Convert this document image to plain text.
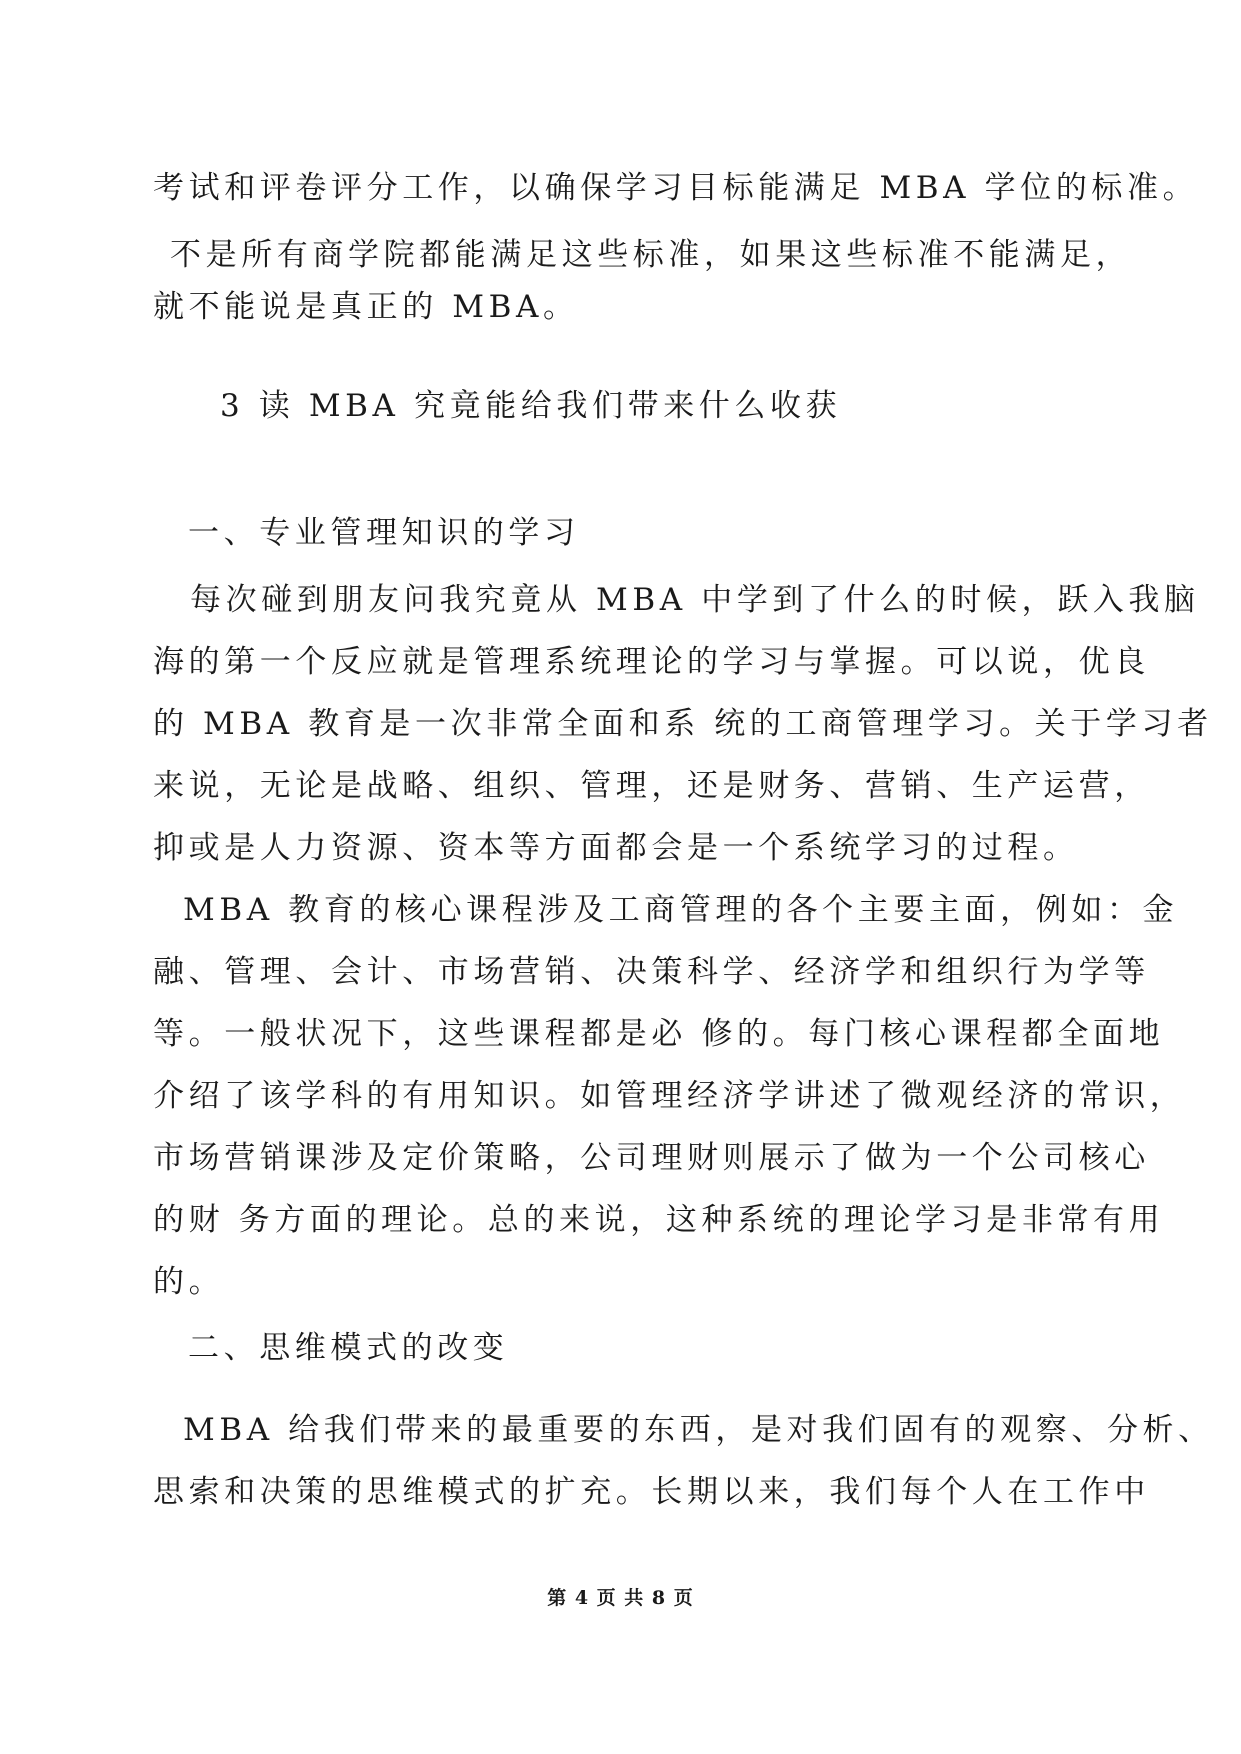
考试和评卷评分工作，以确保学习目标能满足 MBA 学位的标准。
不是所有商学院都能满足这些标准，如果这些标准不能满足，
就不能说是真正的 MBA。
3 读 MBA 究竟能给我们带来什么收获
一、专业管理知识的学习
每次碰到朋友问我究竟从 MBA 中学到了什么的时候，跃入我脑
海的第一个反应就是管理系统理论的学习与掌握。可以说，优良
的 MBA 教育是一次非常全面和系 统的工商管理学习。关于学习者
来说，无论是战略、组织、管理，还是财务、营销、生产运营，
抑或是人力资源、资本等方面都会是一个系统学习的过程。
MBA 教育的核心课程涉及工商管理的各个主要主面，例如：金
融、管理、会计、市场营销、决策科学、经济学和组织行为学等
等。一般状况下，这些课程都是必 修的。每门核心课程都全面地
介绍了该学科的有用知识。如管理经济学讲述了微观经济的常识，
市场营销课涉及定价策略，公司理财则展示了做为一个公司核心
的财 务方面的理论。总的来说，这种系统的理论学习是非常有用
的。
二、思维模式的改变
MBA 给我们带来的最重要的东西，是对我们固有的观察、分析、
思索和决策的思维模式的扩充。长期以来，我们每个人在工作中
第 4 页 共 8 页
